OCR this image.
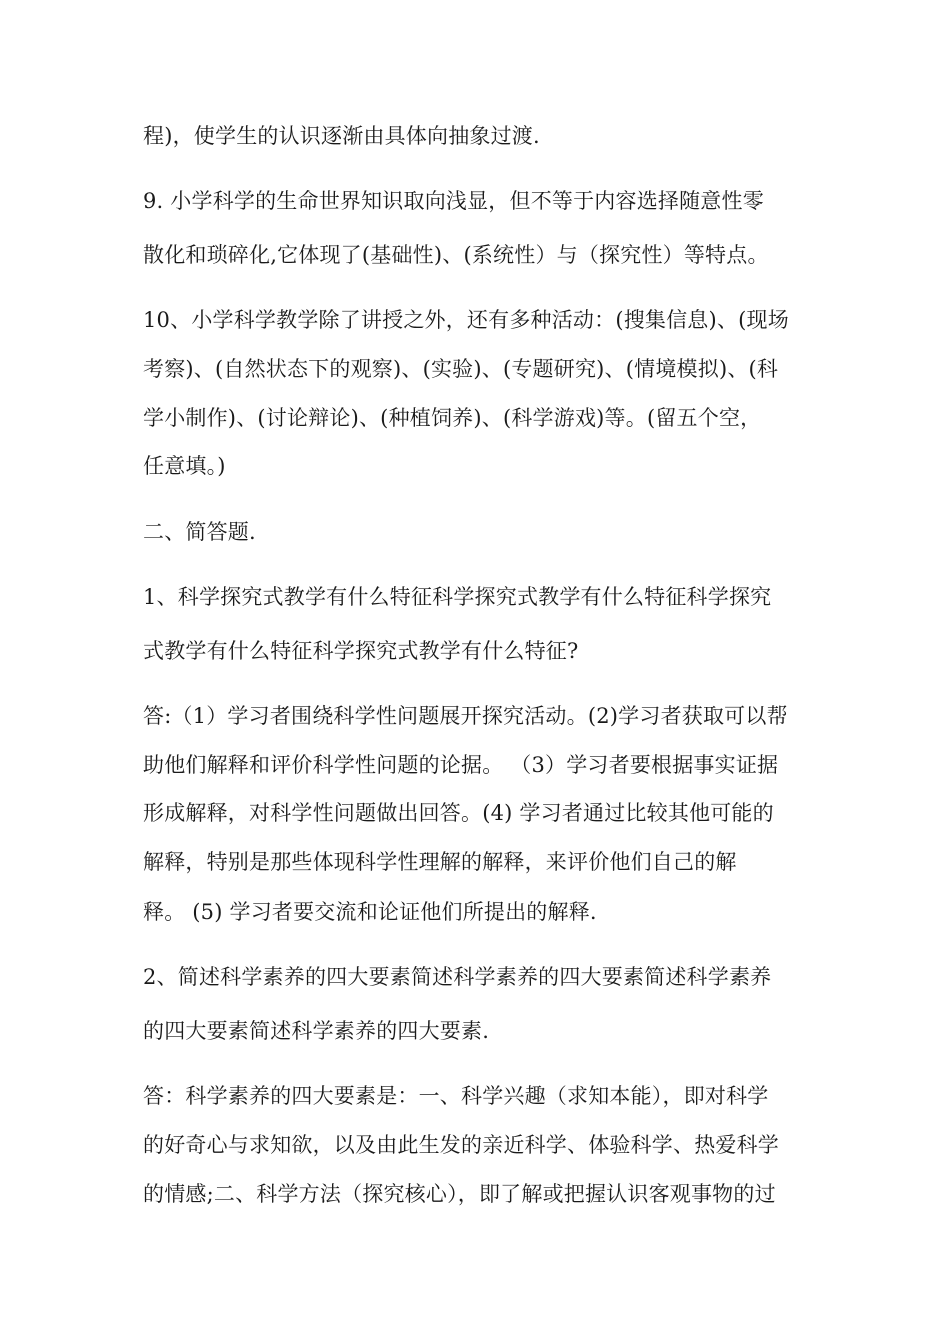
程)，使学生的认识逐渐由具体向抽象过渡.
9. 小学科学的生命世界知识取向浅显，但不等于内容选择随意性零
散化和琐碎化,它体现了(基础性)、(系统性）与（探究性）等特点。
10、小学科学教学除了讲授之外，还有多种活动：(搜集信息)、(现场
考察)、(自然状态下的观察)、(实验)、(专题研究)、(情境模拟)、(科
学小制作)、(讨论辩论)、(种植饲养)、(科学游戏)等。(留五个空，
任意填。)
二、简答题.
1、科学探究式教学有什么特征科学探究式教学有什么特征科学探究
式教学有什么特征科学探究式教学有什么特征?
答:（1）学习者围绕科学性问题展开探究活动。(2)学习者获取可以帮
助他们解释和评价科学性问题的论据。 （3）学习者要根据事实证据
形成解释，对科学性问题做出回答。(4) 学习者通过比较其他可能的
解释，特别是那些体现科学性理解的解释，来评价他们自己的解
释。 (5) 学习者要交流和论证他们所提出的解释.
2、简述科学素养的四大要素简述科学素养的四大要素简述科学素养
的四大要素简述科学素养的四大要素.
答：科学素养的四大要素是：一、科学兴趣（求知本能），即对科学
的好奇心与求知欲，以及由此生发的亲近科学、体验科学、热爱科学
的情感;二、科学方法（探究核心），即了解或把握认识客观事物的过
